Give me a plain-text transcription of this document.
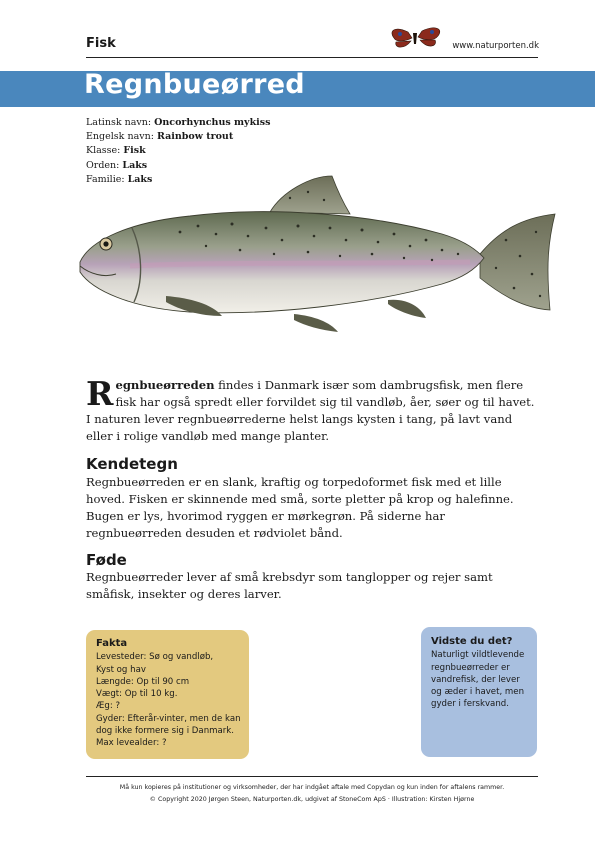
Fisk	www.naturporten.dk
Regnbueørred
Latinsk navn: Oncorhynchus mykiss
Engelsk navn: Rainbow trout
Klasse: Fisk
Orden: Laks
Familie: Laks
Regnbueørreden findes i Danmark især som dambrugsfisk, men flere fisk har også spredt eller forvildet sig til vandløb, åer, søer og til havet. I naturen lever regnbueørrederne helst langs kysten i tang, på lavt vand eller i rolige vandløb med mange planter.
Kendetegn
Regnbueørreden er en slank, kraftig og torpedoformet fisk med et lille hoved. Fisken er skinnende med små, sorte pletter på krop og halefinne. Bugen er lys, hvorimod ryggen er mørkegrøn. På siderne har regnbueørreden desuden et rødviolet bånd.
Føde
Regnbueørreder lever af små krebsdyr som tanglopper og rejer samt småfisk, insekter og deres larver.
Fakta
Levesteder: Sø og vandløb,
Kyst og hav
Længde: Op til 90 cm
Vægt: Op til 10 kg.
Æg: ?
Gyder: Efterår-vinter, men de kan
dog ikke formere sig i Danmark.
Max levealder: ?
Vidste du det?
Naturligt vildtlevende
regnbueørreder er
vandrefisk, der lever
og æder i havet, men
gyder i ferskvand.
Må kun kopieres på institutioner og virksomheder, der har indgået aftale med Copydan og kun inden for aftalens rammer.
© Copyright 2020 Jørgen Steen, Naturporten.dk, udgivet af StoneCom ApS · Illustration: Kirsten Hjørne
